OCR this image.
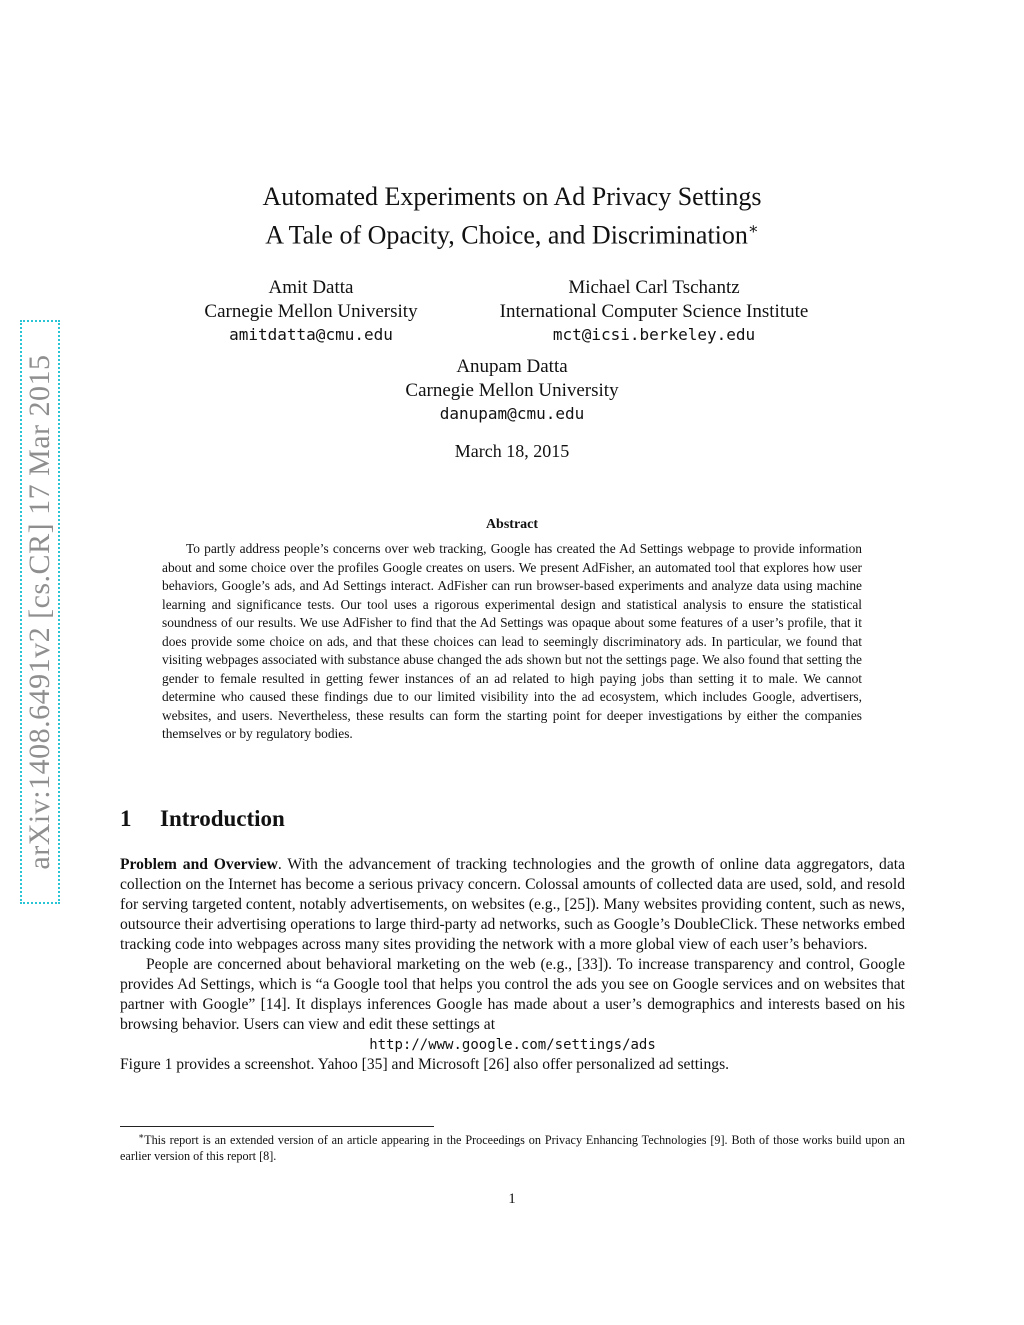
arXiv:1408.6491v2 [cs.CR] 17 Mar 2015
Automated Experiments on Ad Privacy Settings
A Tale of Opacity, Choice, and Discrimination∗
Amit Datta
Carnegie Mellon University
amitdatta@cmu.edu
Michael Carl Tschantz
International Computer Science Institute
mct@icsi.berkeley.edu
Anupam Datta
Carnegie Mellon University
danupam@cmu.edu
March 18, 2015
Abstract
To partly address people’s concerns over web tracking, Google has created the Ad Settings webpage to provide information about and some choice over the profiles Google creates on users. We present AdFisher, an automated tool that explores how user behaviors, Google’s ads, and Ad Settings interact. AdFisher can run browser-based experiments and analyze data using machine learning and significance tests. Our tool uses a rigorous experimental design and statistical analysis to ensure the statistical soundness of our results. We use AdFisher to find that the Ad Settings was opaque about some features of a user’s profile, that it does provide some choice on ads, and that these choices can lead to seemingly discriminatory ads. In particular, we found that visiting webpages associated with substance abuse changed the ads shown but not the settings page. We also found that setting the gender to female resulted in getting fewer instances of an ad related to high paying jobs than setting it to male. We cannot determine who caused these findings due to our limited visibility into the ad ecosystem, which includes Google, advertisers, websites, and users. Nevertheless, these results can form the starting point for deeper investigations by either the companies themselves or by regulatory bodies.
1 Introduction

Problem and Overview. With the advancement of tracking technologies and the growth of online data aggregators, data collection on the Internet has become a serious privacy concern. Colossal amounts of collected data are used, sold, and resold for serving targeted content, notably advertisements, on websites (e.g., [25]). Many websites providing content, such as news, outsource their advertising operations to large third-party ad networks, such as Google’s DoubleClick. These networks embed tracking code into webpages across many sites providing the network with a more global view of each user’s behaviors.

People are concerned about behavioral marketing on the web (e.g., [33]). To increase transparency and control, Google provides Ad Settings, which is “a Google tool that helps you control the ads you see on Google services and on websites that partner with Google” [14]. It displays inferences Google has made about a user’s demographics and interests based on his browsing behavior. Users can view and edit these settings at

http://www.google.com/settings/ads

Figure 1 provides a screenshot. Yahoo [35] and Microsoft [26] also offer personalized ad settings.

∗This report is an extended version of an article appearing in the Proceedings on Privacy Enhancing Technologies [9]. Both of those works build upon an earlier version of this report [8].
1
